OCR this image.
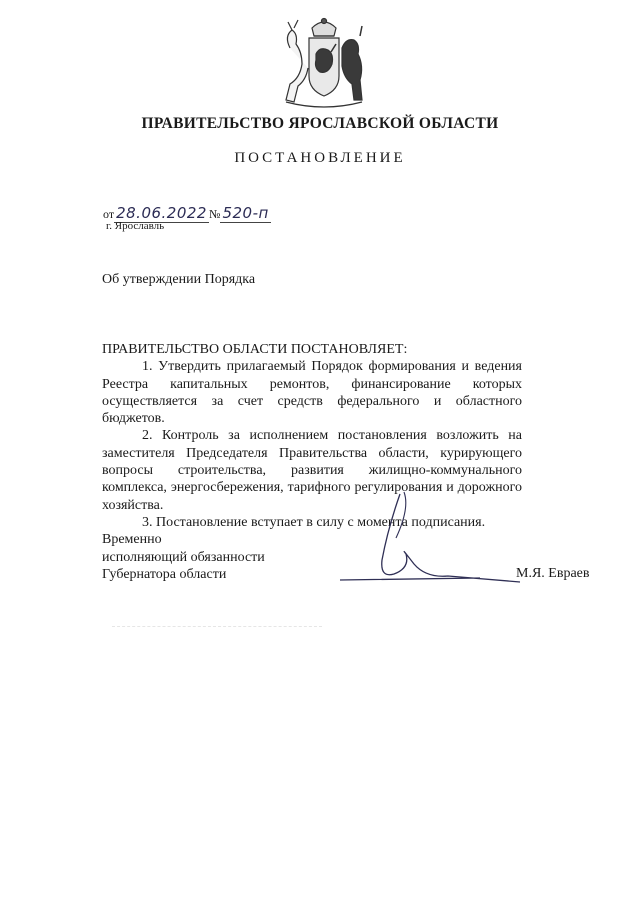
ПРАВИТЕЛЬСТВО ЯРОСЛАВСКОЙ ОБЛАСТИ
ПОСТАНОВЛЕНИЕ
от 28.06.2022 № 520-п
г. Ярославль
Об утверждении Порядка

ПРАВИТЕЛЬСТВО ОБЛАСТИ ПОСТАНОВЛЯЕТ:

1. Утвердить прилагаемый Порядок формирования и ведения Реестра капитальных ремонтов, финансирование которых осуществляется за счет средств федерального и областного бюджетов.

2. Контроль за исполнением постановления возложить на заместителя Председателя Правительства области, курирующего вопросы строительства, развития жилищно-коммунального комплекса, энергосбережения, тарифного регулирования и дорожного хозяйства.

3. Постановление вступает в силу с момента подписания.

Временно
исполняющий обязанности
Губернатора области	М.Я. Евраев
